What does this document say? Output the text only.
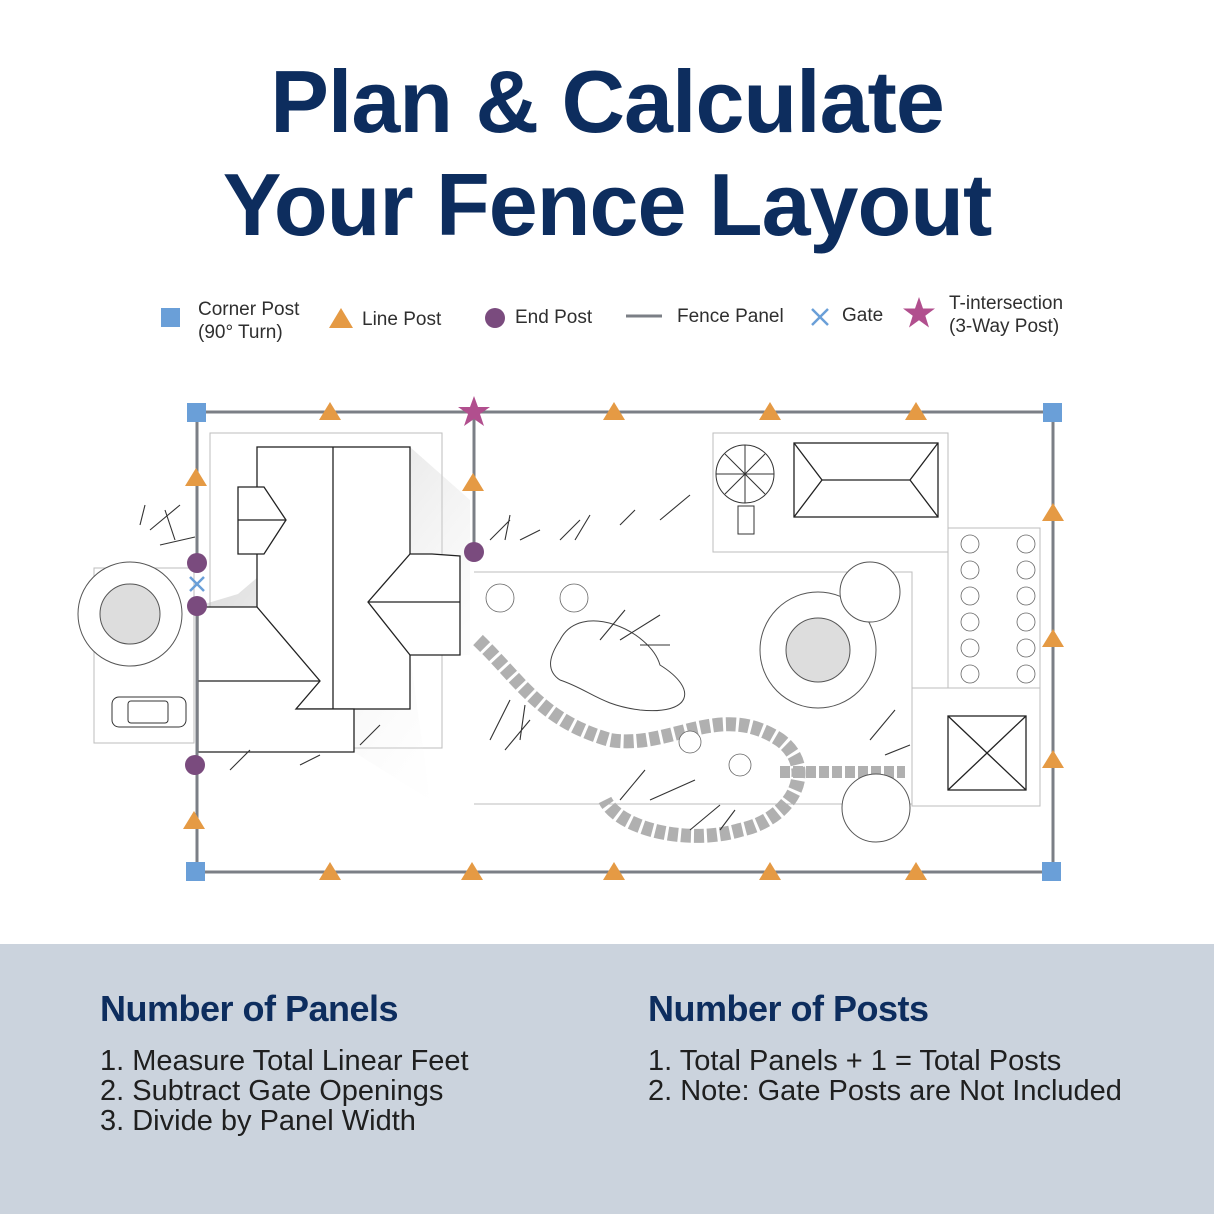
Plan & Calculate
Your Fence Layout
Corner Post
(90° Turn)
Line Post	End Post	Fence Panel	Gate
T-intersection
(3-Way Post)
Number of Panels
1. Measure Total Linear Feet
2. Subtract Gate Openings
3. Divide by Panel Width
Number of Posts
1. Total Panels + 1 = Total Posts
2. Note: Gate Posts are Not Included
